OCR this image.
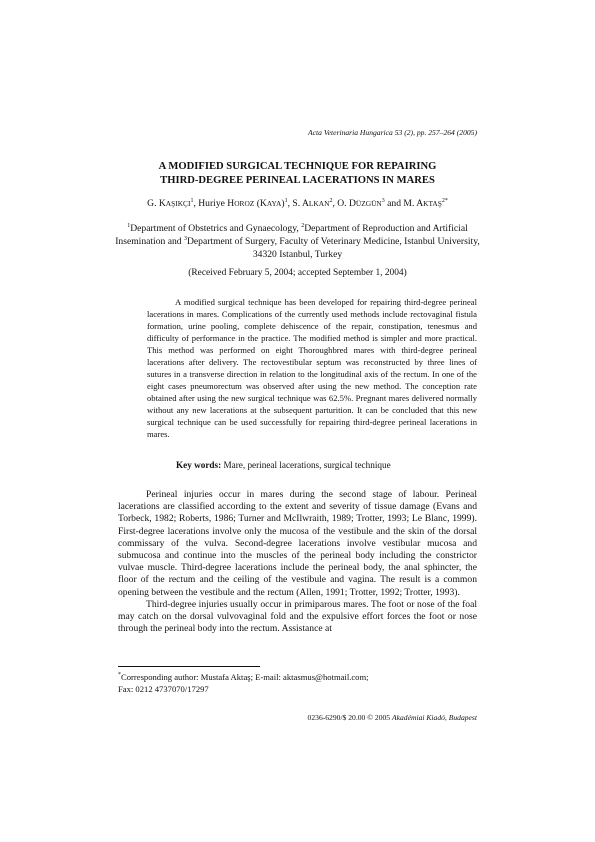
Acta Veterinaria Hungarica 53 (2), pp. 257–264 (2005)
A MODIFIED SURGICAL TECHNIQUE FOR REPAIRING
THIRD-DEGREE PERINEAL LACERATIONS IN MARES
G. KAŞIKÇI$^1$, Huriye HOROZ (KAYA)$^1$, S. ALKAN$^2$, O. DÜZGÜN$^3$ and M. $AKTAŞ^{2*}$
$^1$Department of Obstetrics and Gynaecology, $^2$Department of Reproduction and Artificial Insemination and $^3$Department of Surgery, Faculty of Veterinary Medicine, Istanbul University, 34320 Istanbul, Turkey
(Received February 5, 2004; accepted September 1, 2004)

A modified surgical technique has been developed for repairing third-degree perineal lacerations in mares. Complications of the currently used methods include rectovaginal fistula formation, urine pooling, complete dehiscence of the repair, constipation, tenesmus and difficulty of performance in the practice. The modified method is simpler and more practical. This method was performed on eight Thoroughbred mares with third-degree perineal lacerations after delivery. The rectovestibular septum was reconstructed by three lines of sutures in a transverse direction in relation to the longitudinal axis of the rectum. In one of the eight cases pneumorectum was observed after using the new method. The conception rate obtained after using the new surgical technique was 62.5%. Pregnant mares delivered normally without any new lacerations at the subsequent parturition. It can be concluded that this new surgical technique can be used successfully for repairing third-degree perineal lacerations in mares.

Key words: Mare, perineal lacerations, surgical technique

Perineal injuries occur in mares during the second stage of labour. Perineal lacerations are classified according to the extent and severity of tissue damage (Evans and Torbeck, 1982; Roberts, 1986; Turner and McIlwraith, 1989; Trotter, 1993; Le Blanc, 1999). First-degree lacerations involve only the mucosa of the vestibule and the skin of the dorsal commissary of the vulva. Second-degree lacerations involve vestibular mucosa and submucosa and continue into the muscles of the perineal body including the constrictor vulvae muscle. Third-degree lacerations include the perineal body, the anal sphincter, the floor of the rectum and the ceiling of the vestibule and vagina. The result is a common opening between the vestibule and the rectum (Allen, 1991; Trotter, 1992; Trotter, 1993).

Third-degree injuries usually occur in primiparous mares. The foot or nose of the foal may catch on the dorsal vulvovaginal fold and the expulsive effort forces the foot or nose through the perineal body into the rectum. Assistance at

*Corresponding author: Mustafa Aktaş; E-mail: aktasmus@hotmail.com;
Fax: 0212 4737070/17297
0236-6290/$ 20.00 © 2005 Akadémiai Kiadó, Budapest
